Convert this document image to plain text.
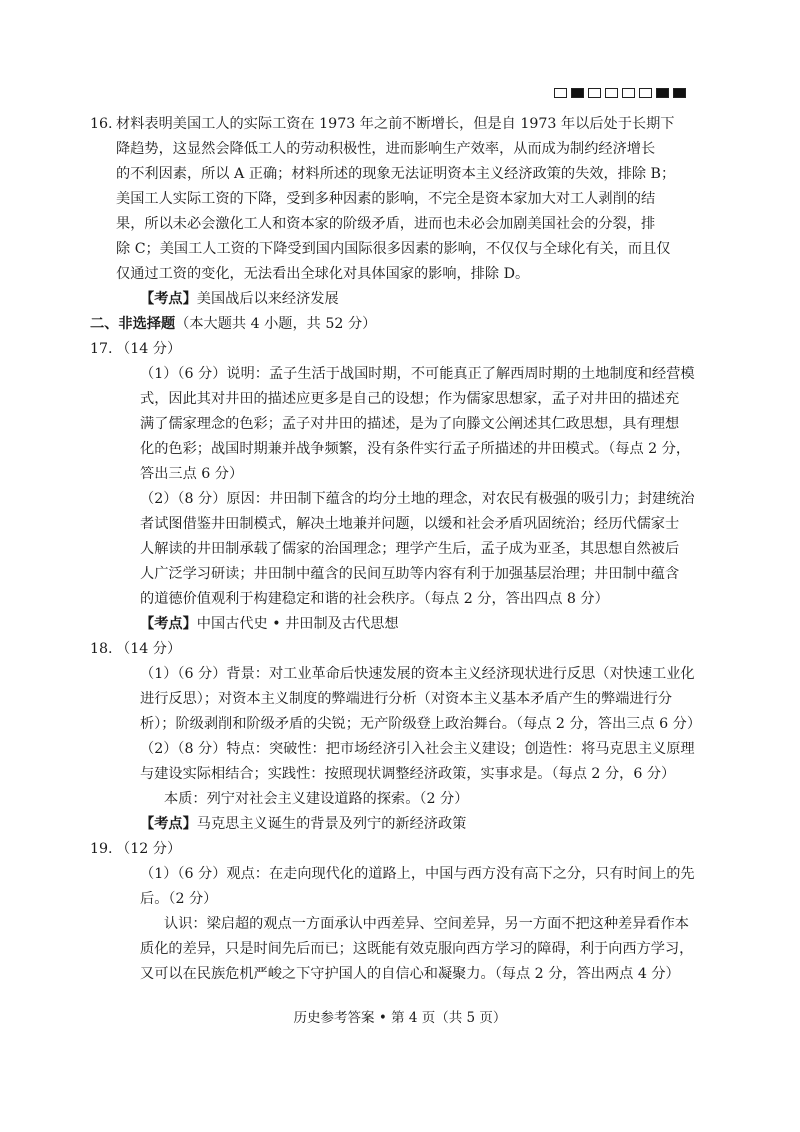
16. 材料表明美国工人的实际工资在 1973 年之前不断增长，但是自 1973 年以后处于长期下
降趋势，这显然会降低工人的劳动积极性，进而影响生产效率，从而成为制约经济增长
的不利因素，所以 A 正确；材料所述的现象无法证明资本主义经济政策的失效，排除 B；
美国工人实际工资的下降，受到多种因素的影响，不完全是资本家加大对工人剥削的结
果，所以未必会激化工人和资本家的阶级矛盾，进而也未必会加剧美国社会的分裂，排
除 C；美国工人工资的下降受到国内国际很多因素的影响，不仅仅与全球化有关，而且仅
仅通过工资的变化，无法看出全球化对具体国家的影响，排除 D。
【考点】美国战后以来经济发展
二、非选择题（本大题共 4 小题，共 52 分）
17. （14 分）
（1）（6 分）说明：孟子生活于战国时期，不可能真正了解西周时期的土地制度和经营模
式，因此其对井田的描述应更多是自己的设想；作为儒家思想家，孟子对井田的描述充
满了儒家理念的色彩；孟子对井田的描述，是为了向滕文公阐述其仁政思想，具有理想
化的色彩；战国时期兼并战争频繁，没有条件实行孟子所描述的井田模式。（每点 2 分，
答出三点 6 分）
（2）（8 分）原因：井田制下蕴含的均分土地的理念，对农民有极强的吸引力；封建统治
者试图借鉴井田制模式，解决土地兼并问题，以缓和社会矛盾巩固统治；经历代儒家士
人解读的井田制承载了儒家的治国理念；理学产生后，孟子成为亚圣，其思想自然被后
人广泛学习研读；井田制中蕴含的民间互助等内容有利于加强基层治理；井田制中蕴含
的道德价值观利于构建稳定和谐的社会秩序。（每点 2 分，答出四点 8 分）
【考点】中国古代史 • 井田制及古代思想
18. （14 分）
（1）（6 分）背景：对工业革命后快速发展的资本主义经济现状进行反思（对快速工业化
进行反思）；对资本主义制度的弊端进行分析（对资本主义基本矛盾产生的弊端进行分
析）；阶级剥削和阶级矛盾的尖锐；无产阶级登上政治舞台。（每点 2 分，答出三点 6 分）
（2）（8 分）特点：突破性：把市场经济引入社会主义建设；创造性：将马克思主义原理
与建设实际相结合；实践性：按照现状调整经济政策，实事求是。（每点 2 分，6 分）
本质：列宁对社会主义建设道路的探索。（2 分）
【考点】马克思主义诞生的背景及列宁的新经济政策
19. （12 分）
（1）（6 分）观点：在走向现代化的道路上，中国与西方没有高下之分，只有时间上的先
后。（2 分）
认识：梁启超的观点一方面承认中西差异、空间差异，另一方面不把这种差异看作本
质化的差异，只是时间先后而已；这既能有效克服向西方学习的障碍，利于向西方学习，
又可以在民族危机严峻之下守护国人的自信心和凝聚力。（每点 2 分，答出两点 4 分）
历史参考答案 • 第 4 页（共 5 页）
